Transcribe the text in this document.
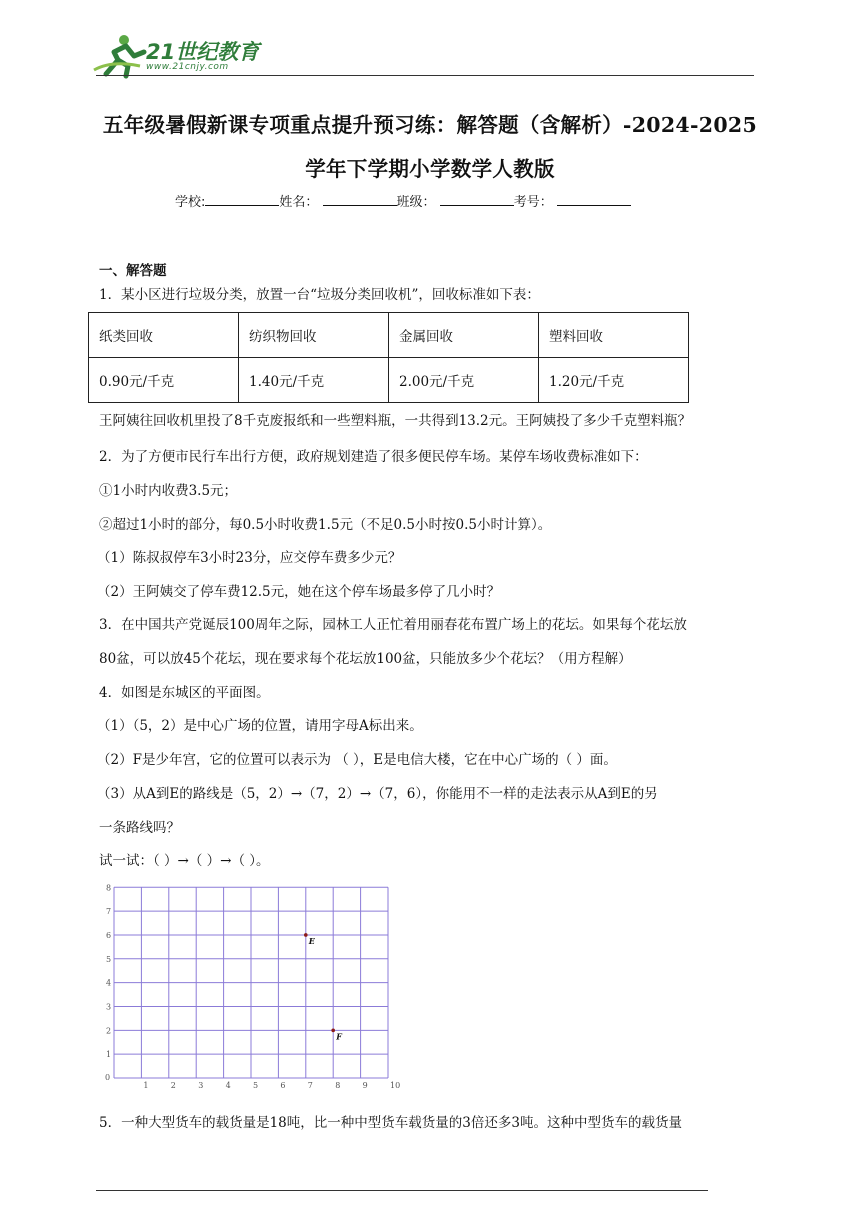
21世纪教育
www.21cnjy.com
五年级暑假新课专项重点提升预习练：解答题（含解析）-2024-2025
学年下学期小学数学人教版
学校:	姓名：	班级：	考号：
一、解答题
1．某小区进行垃圾分类，放置一台“垃圾分类回收机”，回收标准如下表：
纸类回收	纺织物回收	金属回收	塑料回收
0.90元/千克	1.40元/千克	2.00元/千克	1.20元/千克
王阿姨往回收机里投了8千克废报纸和一些塑料瓶，一共得到13.2元。王阿姨投了多少千克塑料瓶？
2．为了方便市民行车出行方便，政府规划建造了很多便民停车场。某停车场收费标准如下：
①1小时内收费3.5元；
②超过1小时的部分，每0.5小时收费1.5元（不足0.5小时按0.5小时计算）。
（1）陈叔叔停车3小时23分，应交停车费多少元？
（2）王阿姨交了停车费12.5元，她在这个停车场最多停了几小时？
3．在中国共产党诞辰100周年之际，园林工人正忙着用丽春花布置广场上的花坛。如果每个花坛放
80盆，可以放45个花坛，现在要求每个花坛放100盆，只能放多少个花坛？（用方程解）
4．如图是东城区的平面图。
（1）（5，2）是中心广场的位置，请用字母A标出来。
（2）F是少年宫，它的位置可以表示为 （ ），E是电信大楼，它在中心广场的（ ）面。
（3）从A到E的路线是（5，2）→（7，2）→（7，6），你能用不一样的走法表示从A到E的另
一条路线吗？
试一试：（ ）→（ ）→（ ）。
0
1	2	3	4	5	6	7	8	9	10
1
2
3
4
5
6
7
8
E
F
5．一种大型货车的载货量是18吨，比一种中型货车载货量的3倍还多3吨。这种中型货车的载货量
